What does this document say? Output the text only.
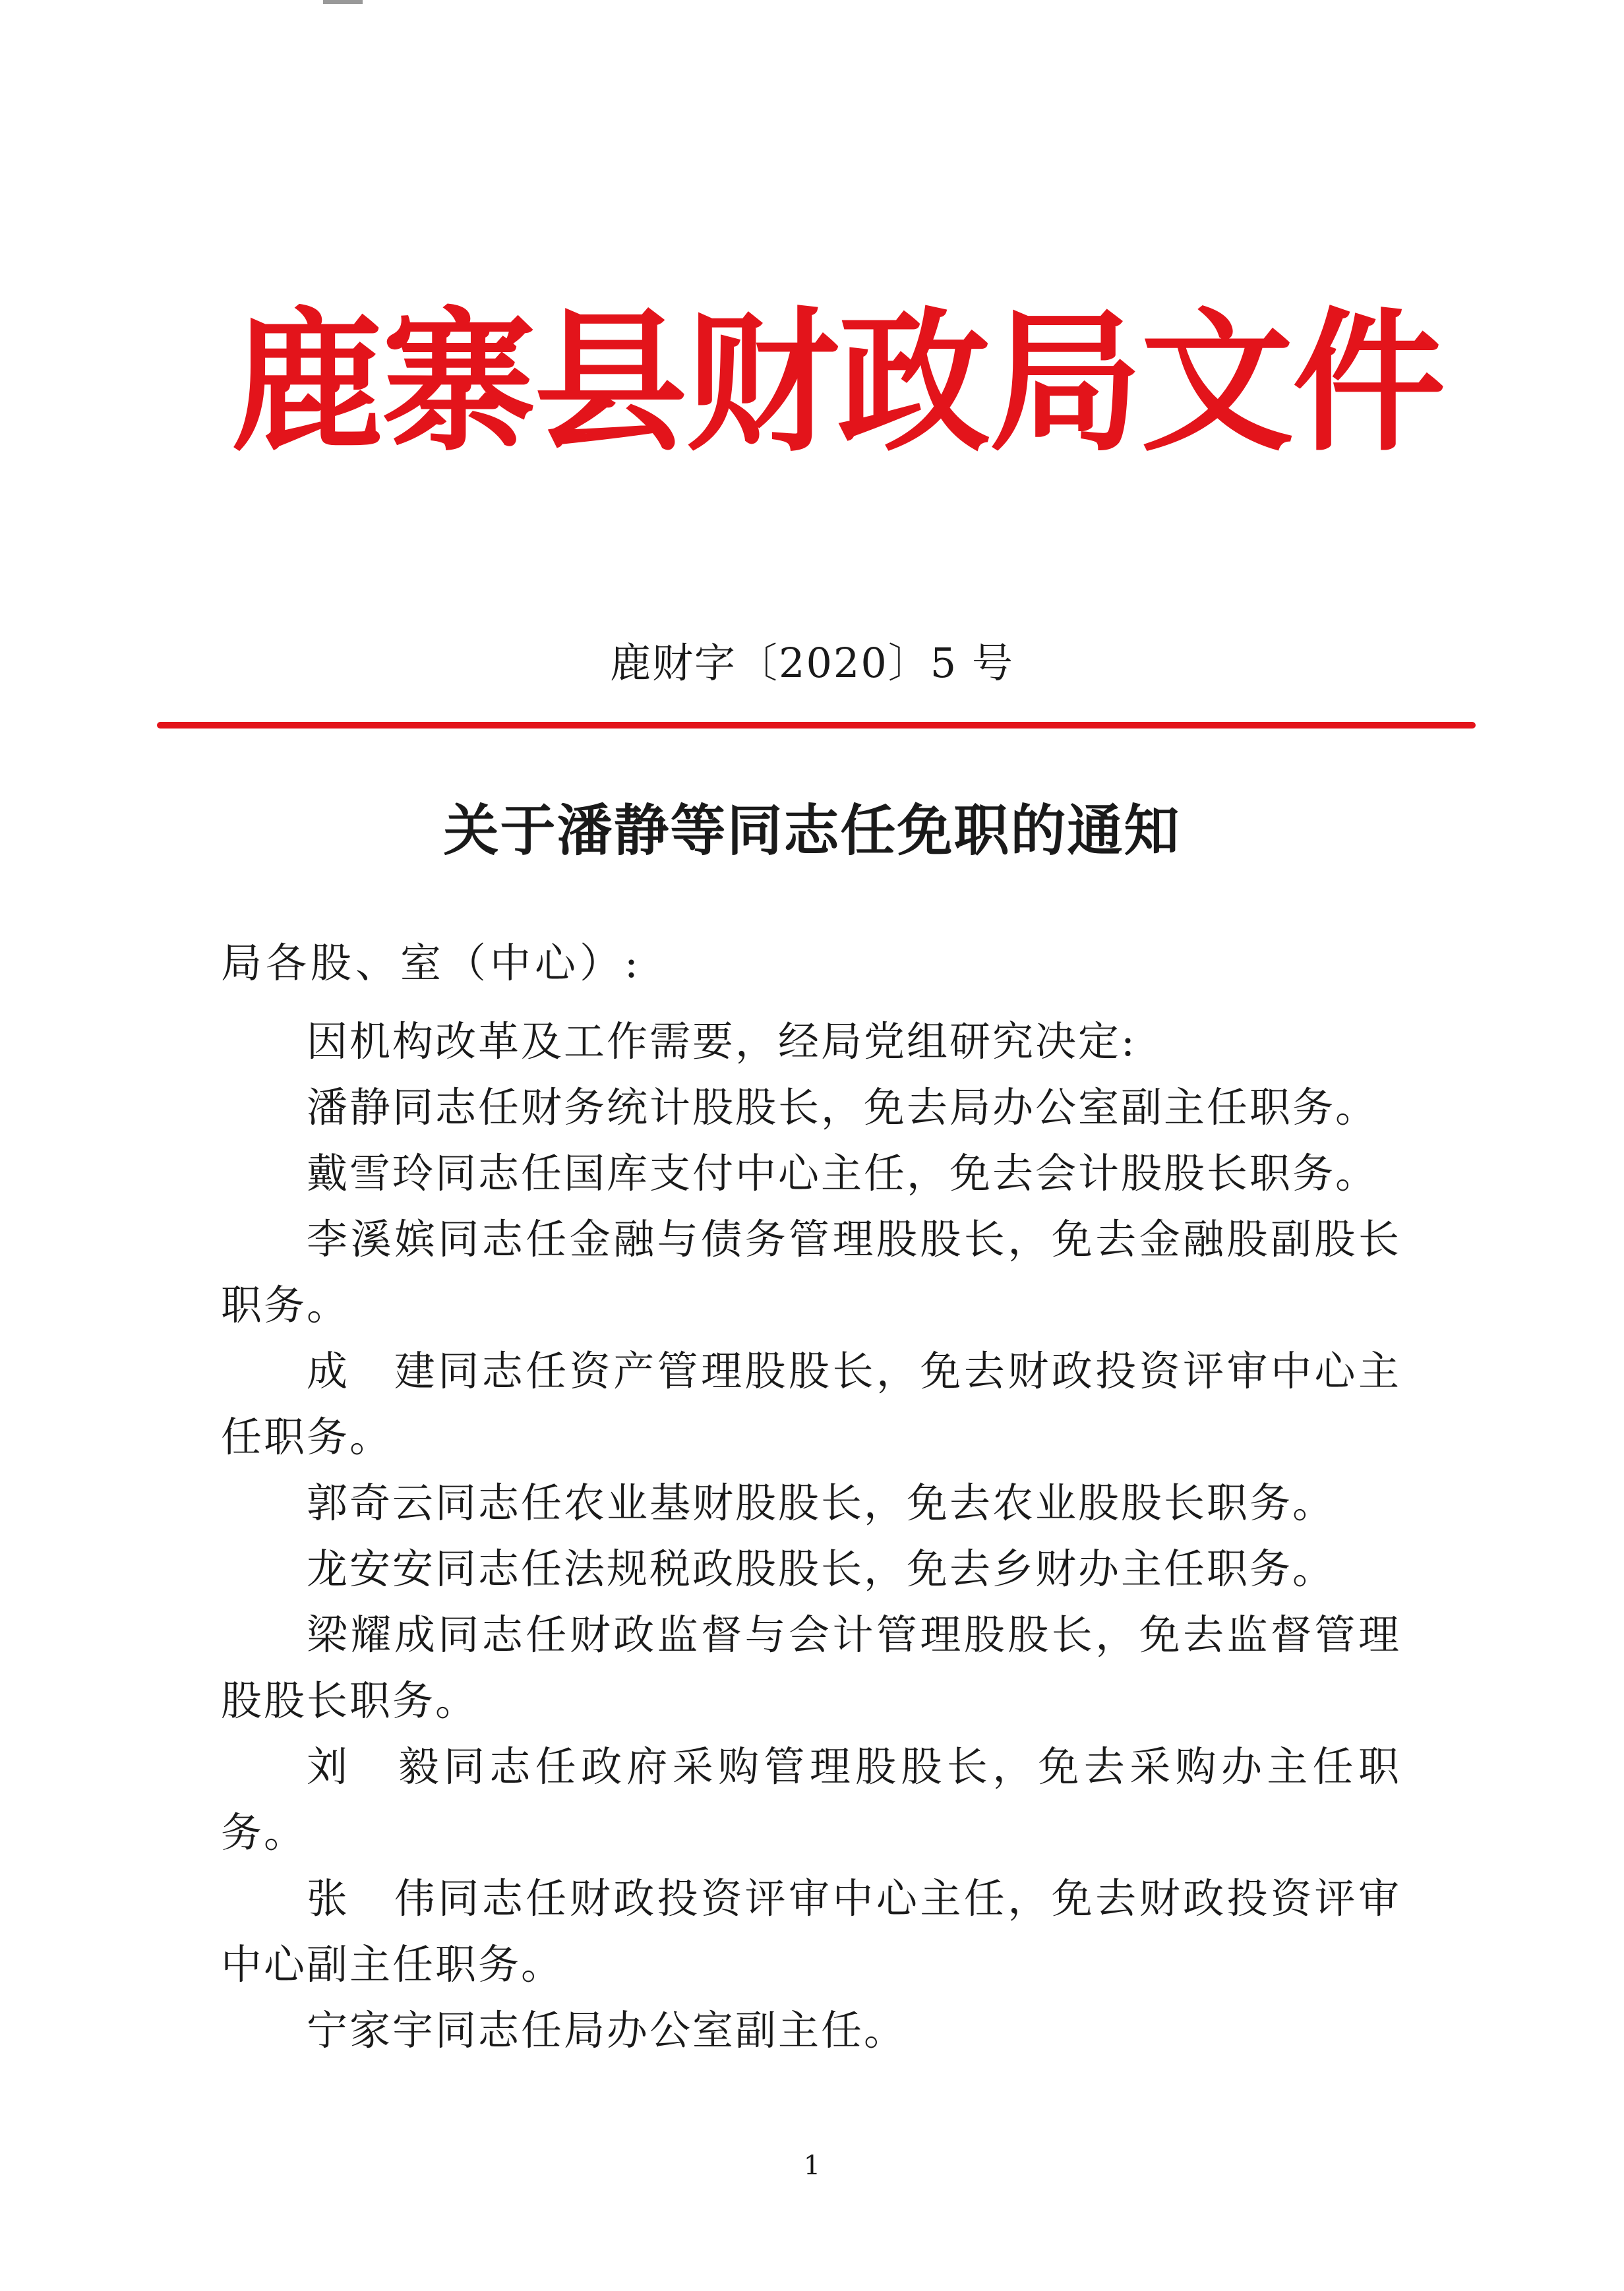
鹿
寨
县
财
政
局
文
件
鹿财字〔2020〕5 号
关于潘静等同志任免职的通知
局各股、室（中心）:

因机构改革及工作需要，经局党组研究决定:

潘静同志任财务统计股股长，免去局办公室副主任职务。

戴雪玲同志任国库支付中心主任，免去会计股股长职务。

李溪嫔同志任金融与债务管理股股长，免去金融股副股长职务。

成　建同志任资产管理股股长，免去财政投资评审中心主任职务。

郭奇云同志任农业基财股股长，免去农业股股长职务。

龙安安同志任法规税政股股长，免去乡财办主任职务。

梁耀成同志任财政监督与会计管理股股长，免去监督管理股股长职务。

刘　毅同志任政府采购管理股股长，免去采购办主任职务。

张　伟同志任财政投资评审中心主任，免去财政投资评审中心副主任职务。

宁家宇同志任局办公室副主任。

1
